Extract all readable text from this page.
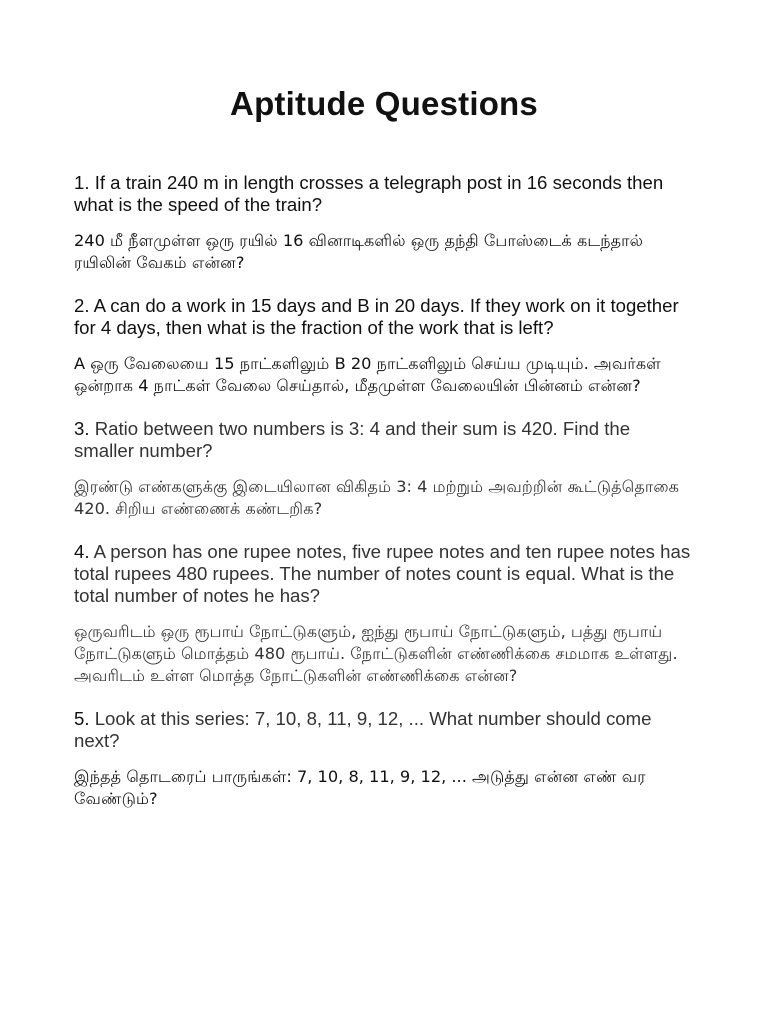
Aptitude Questions

1. If a train 240 m in length crosses a telegraph post in 16 seconds then what is the speed of the train?

240 மீ நீளமுள்ள ஒரு ரயில் 16 வினாடிகளில் ஒரு தந்தி போஸ்டைக் கடந்தால் ரயிலின் வேகம் என்ன?

2. A can do a work in 15 days and B in 20 days. If they work on it together for 4 days, then what is the fraction of the work that is left?

A ஒரு வேலையை 15 நாட்களிலும் B 20 நாட்களிலும் செய்ய முடியும். அவர்கள் ஒன்றாக 4 நாட்கள் வேலை செய்தால், மீதமுள்ள வேலையின் பின்னம் என்ன?

3. Ratio between two numbers is 3: 4 and their sum is 420. Find the smaller number?

இரண்டு எண்களுக்கு இடையிலான விகிதம் 3: 4 மற்றும் அவற்றின் கூட்டுத்தொகை 420. சிறிய எண்ணைக் கண்டறிக?

4. A person has one rupee notes, five rupee notes and ten rupee notes has total rupees 480 rupees. The number of notes count is equal. What is the total number of notes he has?

ஒருவரிடம் ஒரு ரூபாய் நோட்டுகளும், ஐந்து ரூபாய் நோட்டுகளும், பத்து ரூபாய் நோட்டுகளும் மொத்தம் 480 ரூபாய். நோட்டுகளின் எண்ணிக்கை சமமாக உள்ளது. அவரிடம் உள்ள மொத்த நோட்டுகளின் எண்ணிக்கை என்ன?

5. Look at this series: 7, 10, 8, 11, 9, 12, ... What number should come next?

இந்தத் தொடரைப் பாருங்கள்: 7, 10, 8, 11, 9, 12, ... அடுத்து என்ன எண் வர வேண்டும்?
